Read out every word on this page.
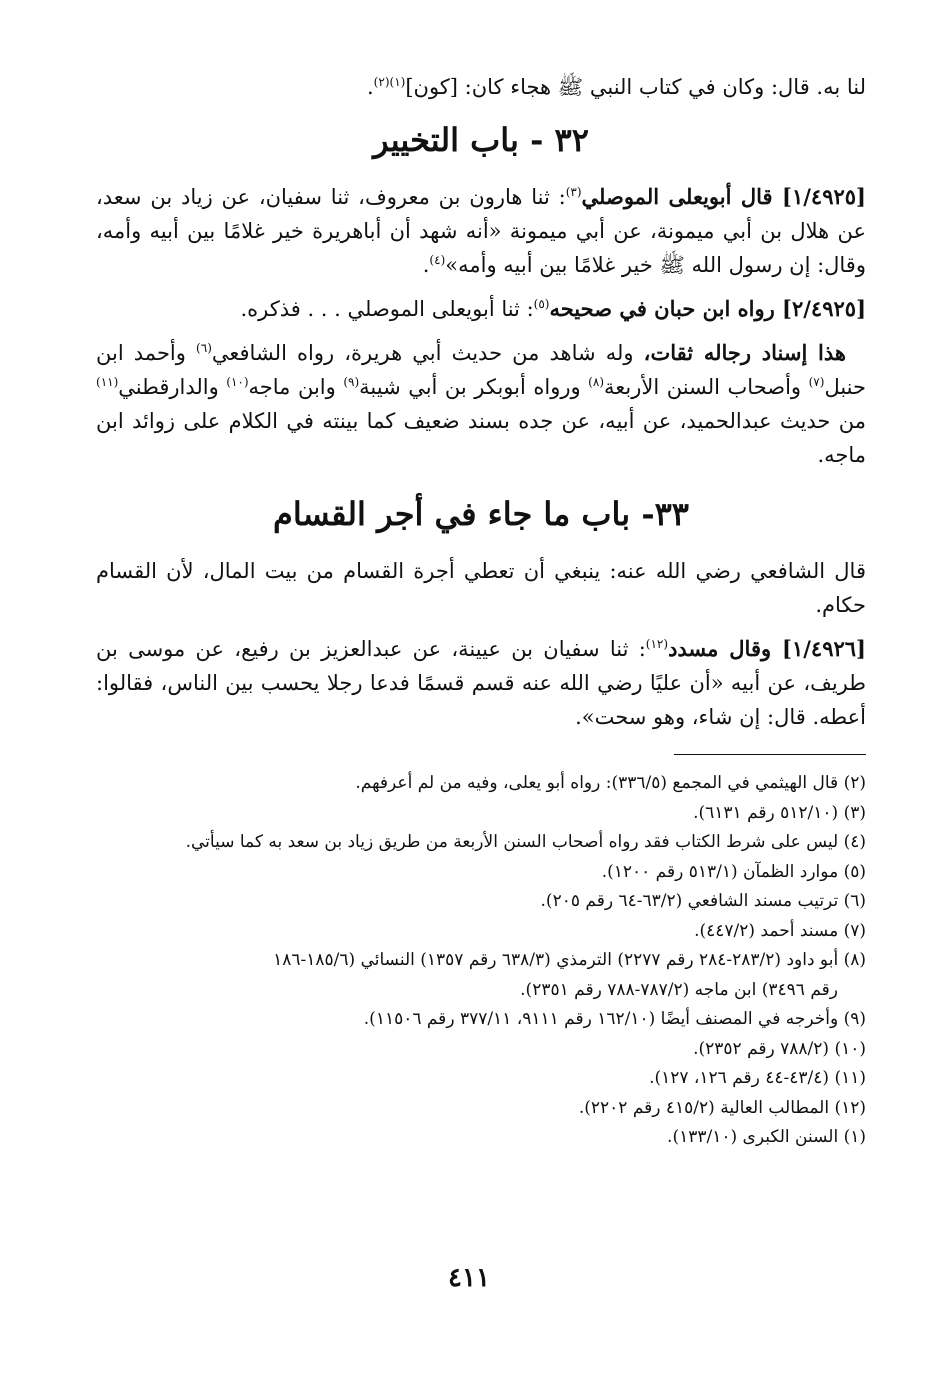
لنا به. قال: وكان في كتاب النبي ﷺ هجاء كان: [كون]$^{(١)(٢)}$.

٣٢ - باب التخيير

[١/٤٩٢٥] قال أبويعلى الموصلي$^{(٣)}$: ثنا هارون بن معروف، ثنا سفيان، عن زياد بن سعد، عن هلال بن أبي ميمونة، عن أبي ميمونة «أنه شهد أن أباهريرة خير غلامًا بين أبيه وأمه، وقال: إن رسول الله ﷺ خير غلامًا بين أبيه وأمه»$^{(٤)}$.

[٢/٤٩٢٥] رواه ابن حبان في صحيحه$^{(٥)}$: ثنا أبويعلى الموصلي . . . فذكره.

هذا إسناد رجاله ثقات، وله شاهد من حديث أبي هريرة، رواه الشافعي$^{(٦)}$ وأحمد ابن حنبل$^{(٧)}$ وأصحاب السنن الأربعة$^{(٨)}$ ورواه أبوبكر بن أبي شيبة$^{(٩)}$ وابن ماجه$^{(١٠)}$ والدارقطني$^{(١١)}$ من حديث عبدالحميد، عن أبيه، عن جده بسند ضعيف كما بينته في الكلام على زوائد ابن ماجه.

٣٣- باب ما جاء في أجر القسام

قال الشافعي رضي الله عنه: ينبغي أن تعطي أجرة القسام من بيت المال، لأن القسام حكام.

[١/٤٩٢٦] وقال مسدد$^{(١٢)}$: ثنا سفيان بن عيينة، عن عبدالعزيز بن رفيع، عن موسى بن طريف، عن أبيه «أن عليًا رضي الله عنه قسم قسمًا فدعا رجلا يحسب بين الناس، فقالوا: أعطه. قال: إن شاء، وهو سحت».

(٢) قال الهيثمي في المجمع (٣٣٦/٥): رواه أبو يعلى، وفيه من لم أعرفهم.
(٣) (٥١٢/١٠ رقم ٦١٣١).
(٤) ليس على شرط الكتاب فقد رواه أصحاب السنن الأربعة من طريق زياد بن سعد به كما سيأتي.
(٥) موارد الظمآن (٥١٣/١ رقم ١٢٠٠).
(٦) ترتيب مسند الشافعي (٦٣/٢-٦٤ رقم ٢٠٥).
(٧) مسند أحمد (٤٤٧/٢).
(٨) أبو داود (٢٨٣/٢-٢٨٤ رقم ٢٢٧٧) الترمذي (٦٣٨/٣ رقم ١٣٥٧) النسائي (١٨٥/٦-١٨٦
رقم ٣٤٩٦) ابن ماجه (٧٨٧/٢-٧٨٨ رقم ٢٣٥١).
(٩) وأخرجه في المصنف أيضًا (١٦٢/١٠ رقم ٩١١١، ٣٧٧/١١ رقم ١١٥٠٦).
(١٠) (٧٨٨/٢ رقم ٢٣٥٢).
(١١) (٤٣/٤-٤٤ رقم ١٢٦، ١٢٧).
(١٢) المطالب العالية (٤١٥/٢ رقم ٢٢٠٢).
(١) السنن الكبرى (١٣٣/١٠).
٤١١
